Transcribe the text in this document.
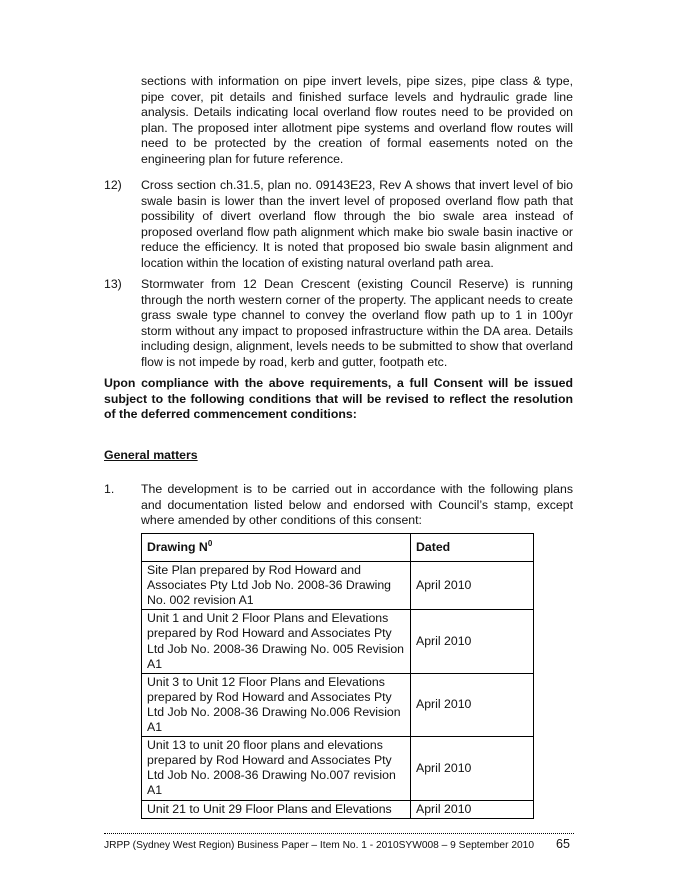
sections with information on pipe invert levels, pipe sizes, pipe class & type, pipe cover, pit details and finished surface levels and hydraulic grade line analysis. Details indicating local overland flow routes need to be provided on plan. The proposed inter allotment pipe systems and overland flow routes will need to be protected by the creation of formal easements noted on the engineering plan for future reference.

12) Cross section ch.31.5, plan no. 09143E23, Rev A shows that invert level of bio swale basin is lower than the invert level of proposed overland flow path that possibility of divert overland flow through the bio swale area instead of proposed overland flow path alignment which make bio swale basin inactive or reduce the efficiency. It is noted that proposed bio swale basin alignment and location within the location of existing natural overland path area.

13) Stormwater from 12 Dean Crescent (existing Council Reserve) is running through the north western corner of the property. The applicant needs to create grass swale type channel to convey the overland flow path up to 1 in 100yr storm without any impact to proposed infrastructure within the DA area. Details including design, alignment, levels needs to be submitted to show that overland flow is not impede by road, kerb and gutter, footpath etc.

Upon compliance with the above requirements, a full Consent will be issued subject to the following conditions that will be revised to reflect the resolution of the deferred commencement conditions:

General matters
1. The development is to be carried out in accordance with the following plans and documentation listed below and endorsed with Council’s stamp, except where amended by other conditions of this consent:

Drawing $N^0$	Dated
Site Plan prepared by Rod Howard and Associates Pty Ltd Job No. 2008-36 Drawing No. 002 revision A1	April 2010
Unit 1 and Unit 2 Floor Plans and Elevations prepared by Rod Howard and Associates Pty Ltd Job No. 2008-36 Drawing No. 005 Revision A1	April 2010
Unit 3 to Unit 12 Floor Plans and Elevations prepared by Rod Howard and Associates Pty Ltd Job No. 2008-36 Drawing No.006 Revision A1	April 2010
Unit 13 to unit 20 floor plans and elevations prepared by Rod Howard and Associates Pty Ltd Job No. 2008-36 Drawing No.007 revision A1	April 2010
Unit 21 to Unit 29 Floor Plans and Elevations	April 2010
JRPP (Sydney West Region) Business Paper – Item No. 1 - 2010SYW008 – 9 September 2010 65
